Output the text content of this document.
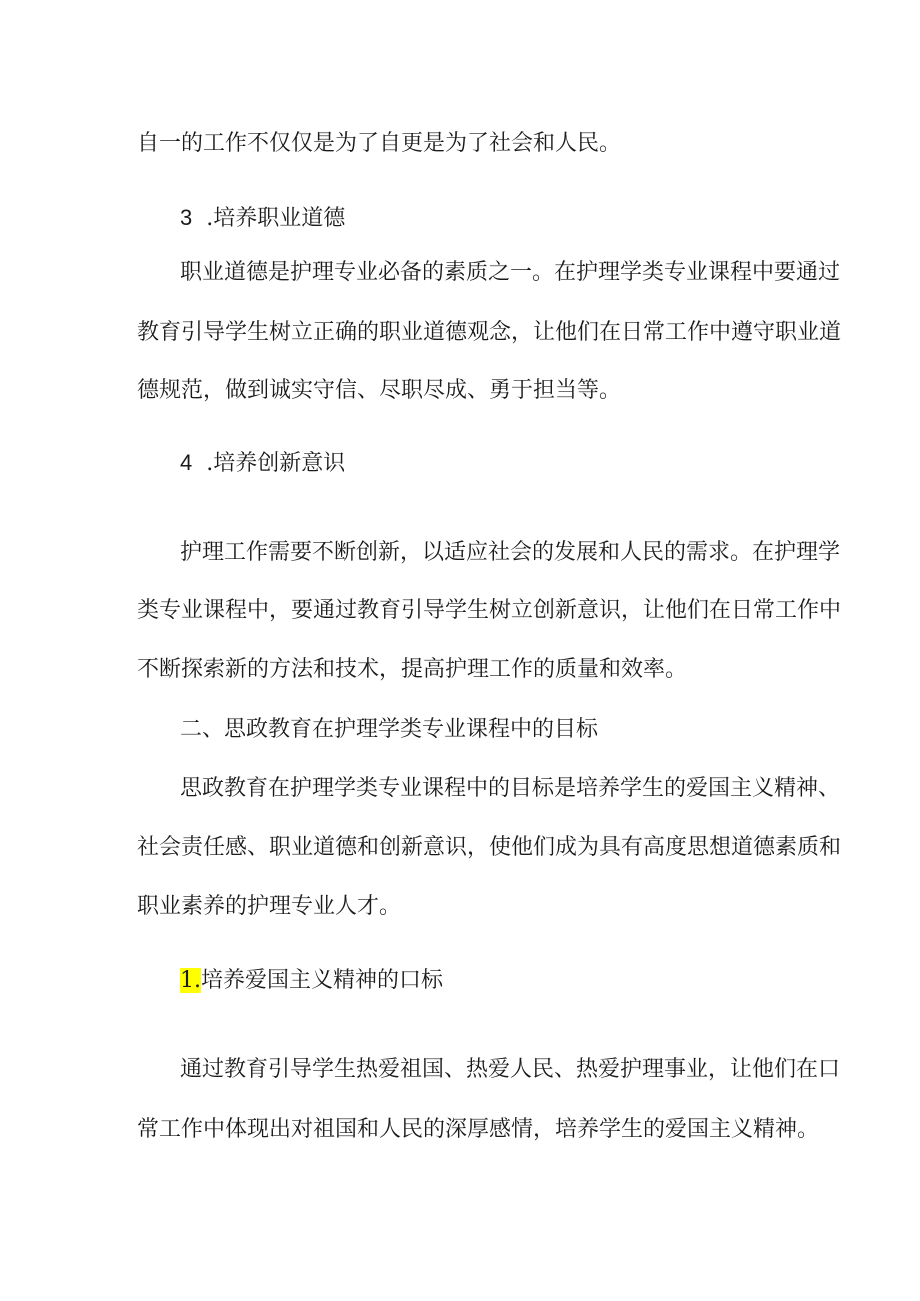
自一的工作不仅仅是为了自更是为了社会和人民。

3 .培养职业道德

职业道德是护理专业必备的素质之一。在护理学类专业课程中要通过

教育引导学生树立正确的职业道德观念，让他们在日常工作中遵守职业道

德规范，做到诚实守信、尽职尽成、勇于担当等。

4 .培养创新意识

护理工作需要不断创新，以适应社会的发展和人民的需求。在护理学

类专业课程中，要通过教育引导学生树立创新意识，让他们在日常工作中

不断探索新的方法和技术，提高护理工作的质量和效率。

二、思政教育在护理学类专业课程中的目标

思政教育在护理学类专业课程中的目标是培养学生的爱国主义精神、

社会责任感、职业道德和创新意识，使他们成为具有高度思想道德素质和

职业素养的护理专业人才。

1.培养爱国主义精神的口标

通过教育引导学生热爱祖国、热爱人民、热爱护理事业，让他们在口

常工作中体现出对祖国和人民的深厚感情，培养学生的爱国主义精神。
